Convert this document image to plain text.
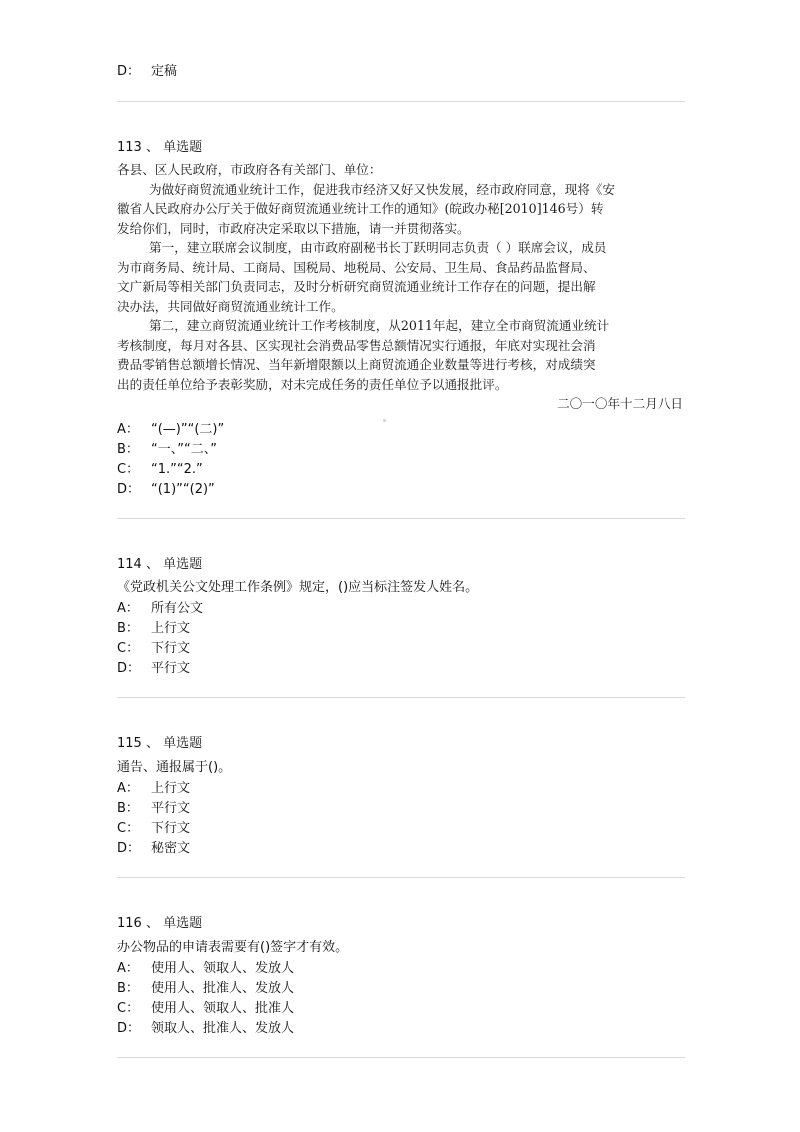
D： 定稿
113 、 单选题

各县、区人民政府，市政府各有关部门、单位：

为做好商贸流通业统计工作，促进我市经济又好又快发展，经市政府同意，现将《安

徽省人民政府办公厅关于做好商贸流通业统计工作的通知》(皖政办秘[2010]146号）转

发给你们，同时，市政府决定采取以下措施，请一并贯彻落实。

第一，建立联席会议制度，由市政府副秘书长丁跃明同志负责（ ）联席会议，成员

为市商务局、统计局、工商局、国税局、地税局、公安局、卫生局、食品药品监督局、

文广新局等相关部门负责同志，及时分析研究商贸流通业统计工作存在的问题，提出解

决办法，共同做好商贸流通业统计工作。

第二，建立商贸流通业统计工作考核制度，从2011年起，建立全市商贸流通业统计

考核制度，每月对各县、区实现社会消费品零售总额情况实行通报，年底对实现社会消

费品零销售总额增长情况、当年新增限额以上商贸流通企业数量等进行考核，对成绩突

出的责任单位给予表彰奖励，对未完成任务的责任单位予以通报批评。

二〇一〇年十二月八日

A： “(—)”“(二)”
B： “一、”“二、”
C： “1.”“2.”
D： “(1)”“(2)”
114 、 单选题
《党政机关公文处理工作条例》规定，()应当标注签发人姓名。
A： 所有公文
B： 上行文
C： 下行文
D： 平行文
115 、 单选题
通告、通报属于()。
A： 上行文
B： 平行文
C： 下行文
D： 秘密文
116 、 单选题
办公物品的申请表需要有()签字才有效。
A： 使用人、领取人、发放人
B： 使用人、批准人、发放人
C： 使用人、领取人、批准人
D： 领取人、批准人、发放人
